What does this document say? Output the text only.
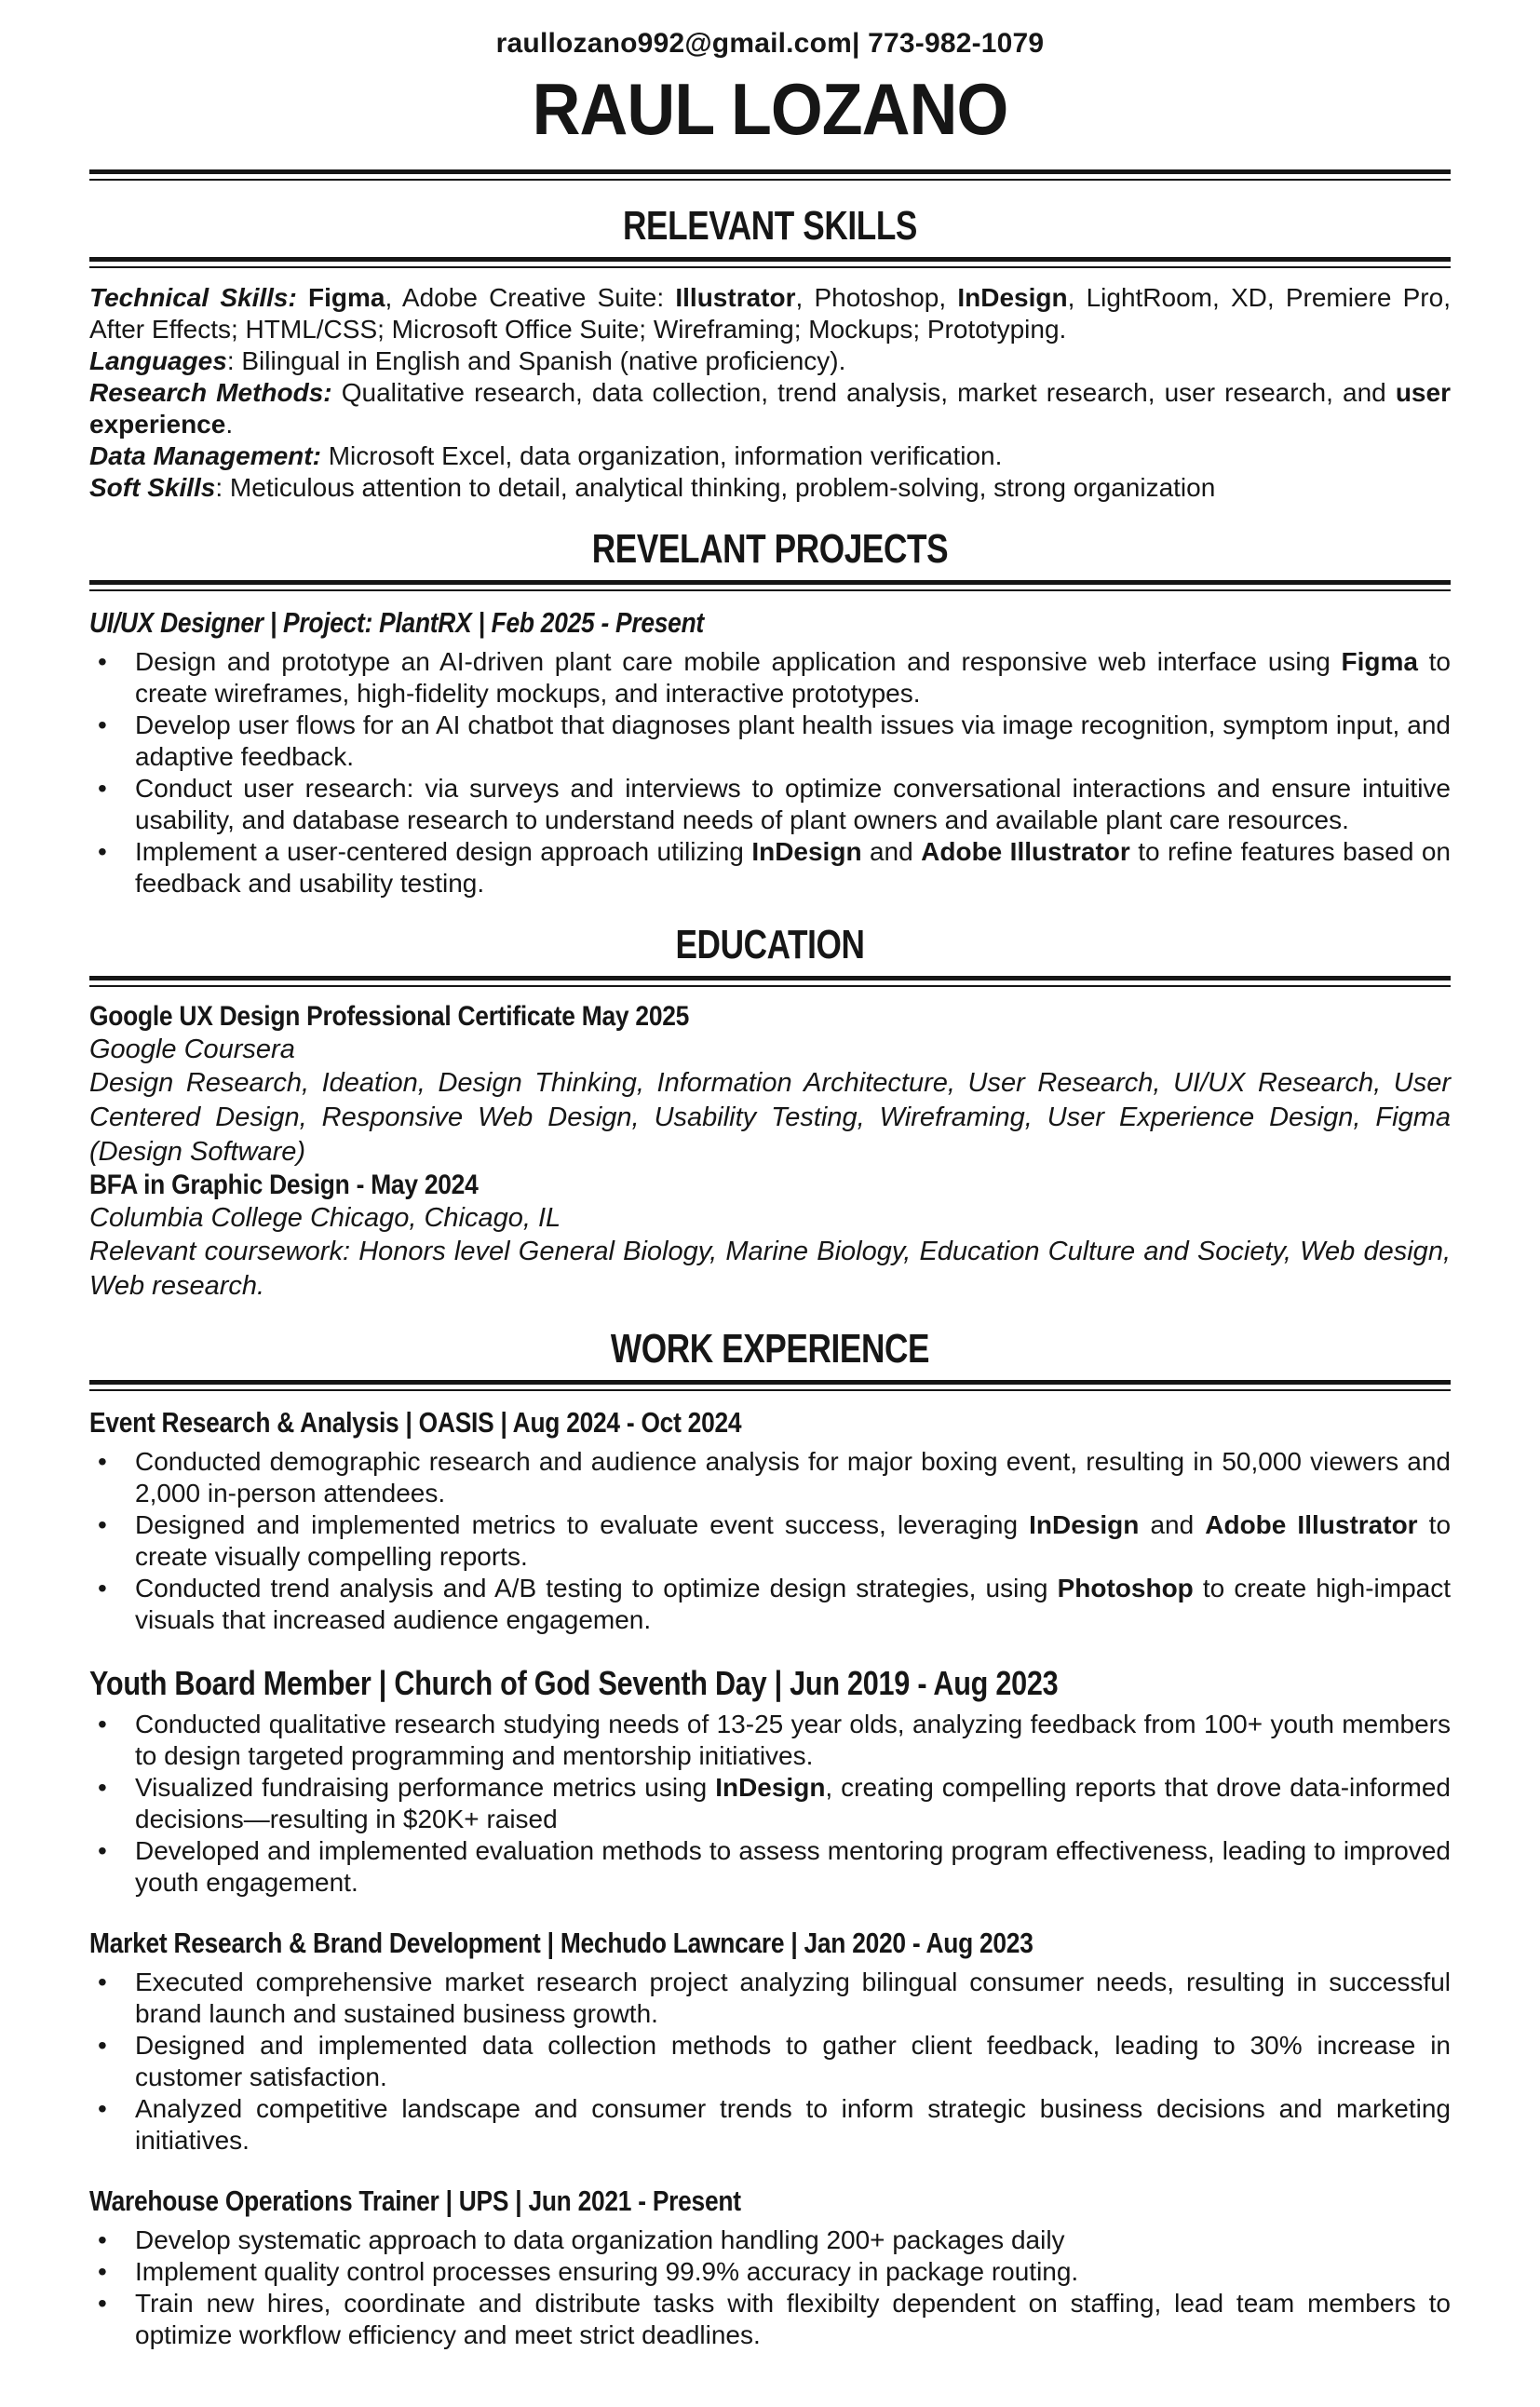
raullozano992@gmail.com| 773-982-1079
RAUL LOZANO
RELEVANT SKILLS

Technical Skills: Figma, Adobe Creative Suite: Illustrator, Photoshop, InDesign, LightRoom, XD, Premiere Pro, After Effects; HTML/CSS; Microsoft Office Suite; Wireframing; Mockups; Prototyping.

Languages: Bilingual in English and Spanish (native proficiency).

Research Methods: Qualitative research, data collection, trend analysis, market research, user research, and user experience.

Data Management: Microsoft Excel, data organization, information verification.

Soft Skills: Meticulous attention to detail, analytical thinking, problem-solving, strong organization

REVELANT PROJECTS
UI/UX Designer | Project: PlantRX | Feb 2025 - Present
• Design and prototype an AI-driven plant care mobile application and responsive web interface using Figma to create wireframes, high-fidelity mockups, and interactive prototypes.
• Develop user flows for an AI chatbot that diagnoses plant health issues via image recognition, symptom input, and adaptive feedback.
• Conduct user research: via surveys and interviews to optimize conversational interactions and ensure intuitive usability, and database research to understand needs of plant owners and available plant care resources.
• Implement a user-centered design approach utilizing InDesign and Adobe Illustrator to refine features based on feedback and usability testing.
EDUCATION

Google UX Design Professional Certificate May 2025

Google Coursera

Design Research, Ideation, Design Thinking, Information Architecture, User Research, UI/UX Research, User Centered Design, Responsive Web Design, Usability Testing, Wireframing, User Experience Design, Figma (Design Software)

BFA in Graphic Design - May 2024

Columbia College Chicago, Chicago, IL

Relevant coursework: Honors level General Biology, Marine Biology, Education Culture and Society, Web design, Web research.

WORK EXPERIENCE
Event Research & Analysis | OASIS | Aug 2024 - Oct 2024
• Conducted demographic research and audience analysis for major boxing event, resulting in 50,000 viewers and 2,000 in-person attendees.
• Designed and implemented metrics to evaluate event success, leveraging InDesign and Adobe Illustrator to create visually compelling reports.
• Conducted trend analysis and A/B testing to optimize design strategies, using Photoshop to create high-impact visuals that increased audience engagemen.
Youth Board Member | Church of God Seventh Day | Jun 2019 - Aug 2023
• Conducted qualitative research studying needs of 13-25 year olds, analyzing feedback from 100+ youth members to design targeted programming and mentorship initiatives.
• Visualized fundraising performance metrics using InDesign, creating compelling reports that drove data-informed decisions—resulting in $20K+ raised
• Developed and implemented evaluation methods to assess mentoring program effectiveness, leading to improved youth engagement.
Market Research & Brand Development | Mechudo Lawncare | Jan 2020 - Aug 2023
• Executed comprehensive market research project analyzing bilingual consumer needs, resulting in successful brand launch and sustained business growth.
• Designed and implemented data collection methods to gather client feedback, leading to 30% increase in customer satisfaction.
• Analyzed competitive landscape and consumer trends to inform strategic business decisions and marketing initiatives.
Warehouse Operations Trainer | UPS | Jun 2021 - Present
• Develop systematic approach to data organization handling 200+ packages daily
• Implement quality control processes ensuring 99.9% accuracy in package routing.
• Train new hires, coordinate and distribute tasks with flexibilty dependent on staffing, lead team members to optimize workflow efficiency and meet strict deadlines.
